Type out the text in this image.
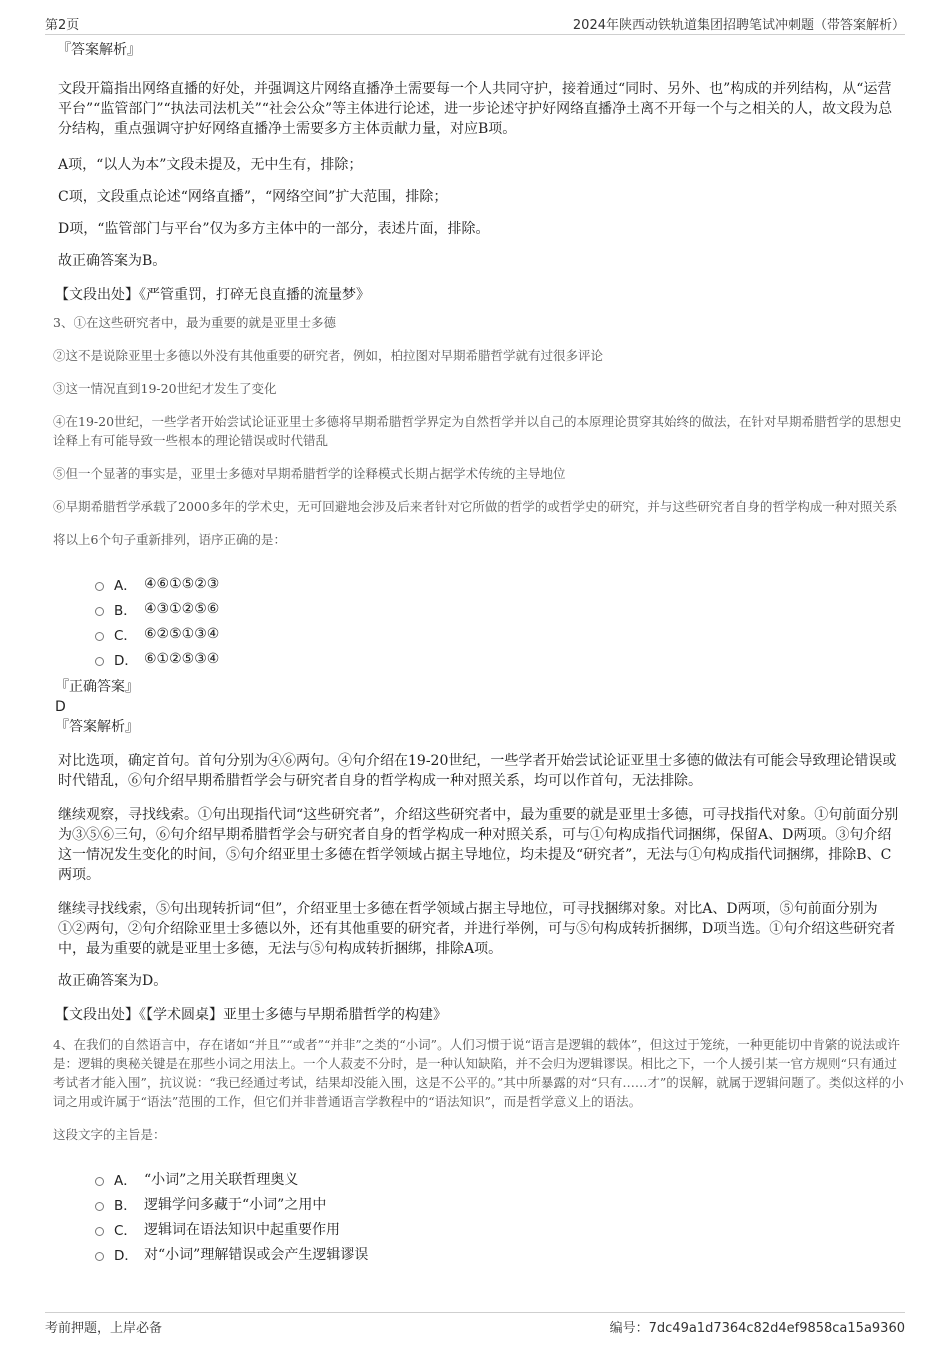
第2页	2024年陕西动铁轨道集团招聘笔试冲刺题（带答案解析）
『答案解析』

文段开篇指出网络直播的好处，并强调这片网络直播净土需要每一个人共同守护，接着通过“同时、另外、也”构成的并列结构，从“运营平台”“监管部门”“执法司法机关”“社会公众”等主体进行论述，进一步论述守护好网络直播净土离不开每一个与之相关的人，故文段为总分结构，重点强调守护好网络直播净土需要多方主体贡献力量，对应B项。

A项，“以人为本”文段未提及，无中生有，排除；

C项，文段重点论述“网络直播”，“网络空间”扩大范围，排除；

D项，“监管部门与平台”仅为多方主体中的一部分，表述片面，排除。

故正确答案为B。

【文段出处】《严管重罚，打碎无良直播的流量梦》

3、①在这些研究者中，最为重要的就是亚里士多德

②这不是说除亚里士多德以外没有其他重要的研究者，例如，柏拉图对早期希腊哲学就有过很多评论

③这一情况直到19-20世纪才发生了变化

④在19-20世纪，一些学者开始尝试论证亚里士多德将早期希腊哲学界定为自然哲学并以自己的本原理论贯穿其始终的做法，在针对早期希腊哲学的思想史诠释上有可能导致一些根本的理论错误或时代错乱

⑤但一个显著的事实是，亚里士多德对早期希腊哲学的诠释模式长期占据学术传统的主导地位

⑥早期希腊哲学承载了2000多年的学术史，无可回避地会涉及后来者针对它所做的哲学的或哲学史的研究，并与这些研究者自身的哲学构成一种对照关系

将以上6个句子重新排列，语序正确的是：

A． ④⑥①⑤②③
B． ④③①②⑤⑥
C． ⑥②⑤①③④
D． ⑥①②⑤③④
『正确答案』
D
『答案解析』

对比选项，确定首句。首句分别为④⑥两句。④句介绍在19-20世纪，一些学者开始尝试论证亚里士多德的做法有可能会导致理论错误或时代错乱，⑥句介绍早期希腊哲学会与研究者自身的哲学构成一种对照关系，均可以作首句，无法排除。

继续观察，寻找线索。①句出现指代词“这些研究者”，介绍这些研究者中，最为重要的就是亚里士多德，可寻找指代对象。①句前面分别为③⑤⑥三句，⑥句介绍早期希腊哲学会与研究者自身的哲学构成一种对照关系，可与①句构成指代词捆绑，保留A、D两项。③句介绍这一情况发生变化的时间，⑤句介绍亚里士多德在哲学领域占据主导地位，均未提及“研究者”，无法与①句构成指代词捆绑，排除B、C两项。

继续寻找线索，⑤句出现转折词“但”，介绍亚里士多德在哲学领域占据主导地位，可寻找捆绑对象。对比A、D两项，⑤句前面分别为①②两句，②句介绍除亚里士多德以外，还有其他重要的研究者，并进行举例，可与⑤句构成转折捆绑，D项当选。①句介绍这些研究者中，最为重要的就是亚里士多德，无法与⑤句构成转折捆绑，排除A项。

故正确答案为D。

【文段出处】《【学术圆桌】亚里士多德与早期希腊哲学的构建》

4、在我们的自然语言中，存在诸如“并且”“或者”“并非”之类的“小词”。人们习惯于说“语言是逻辑的载体”，但这过于笼统，一种更能切中肯綮的说法或许是：逻辑的奥秘关键是在那些小词之用法上。一个人菽麦不分时，是一种认知缺陷，并不会归为逻辑谬误。相比之下，一个人援引某一官方规则“只有通过考试者才能入围”，抗议说：“我已经通过考试，结果却没能入围，这是不公平的。”其中所暴露的对“只有……才”的误解，就属于逻辑问题了。类似这样的小词之用或许属于“语法”范围的工作，但它们并非普通语言学教程中的“语法知识”，而是哲学意义上的语法。

这段文字的主旨是：

A． “小词”之用关联哲理奥义
B． 逻辑学问多藏于“小词”之用中
C． 逻辑词在语法知识中起重要作用
D． 对“小词”理解错误或会产生逻辑谬误
考前押题，上岸必备	编号：7dc49a1d7364c82d4ef9858ca15a9360
